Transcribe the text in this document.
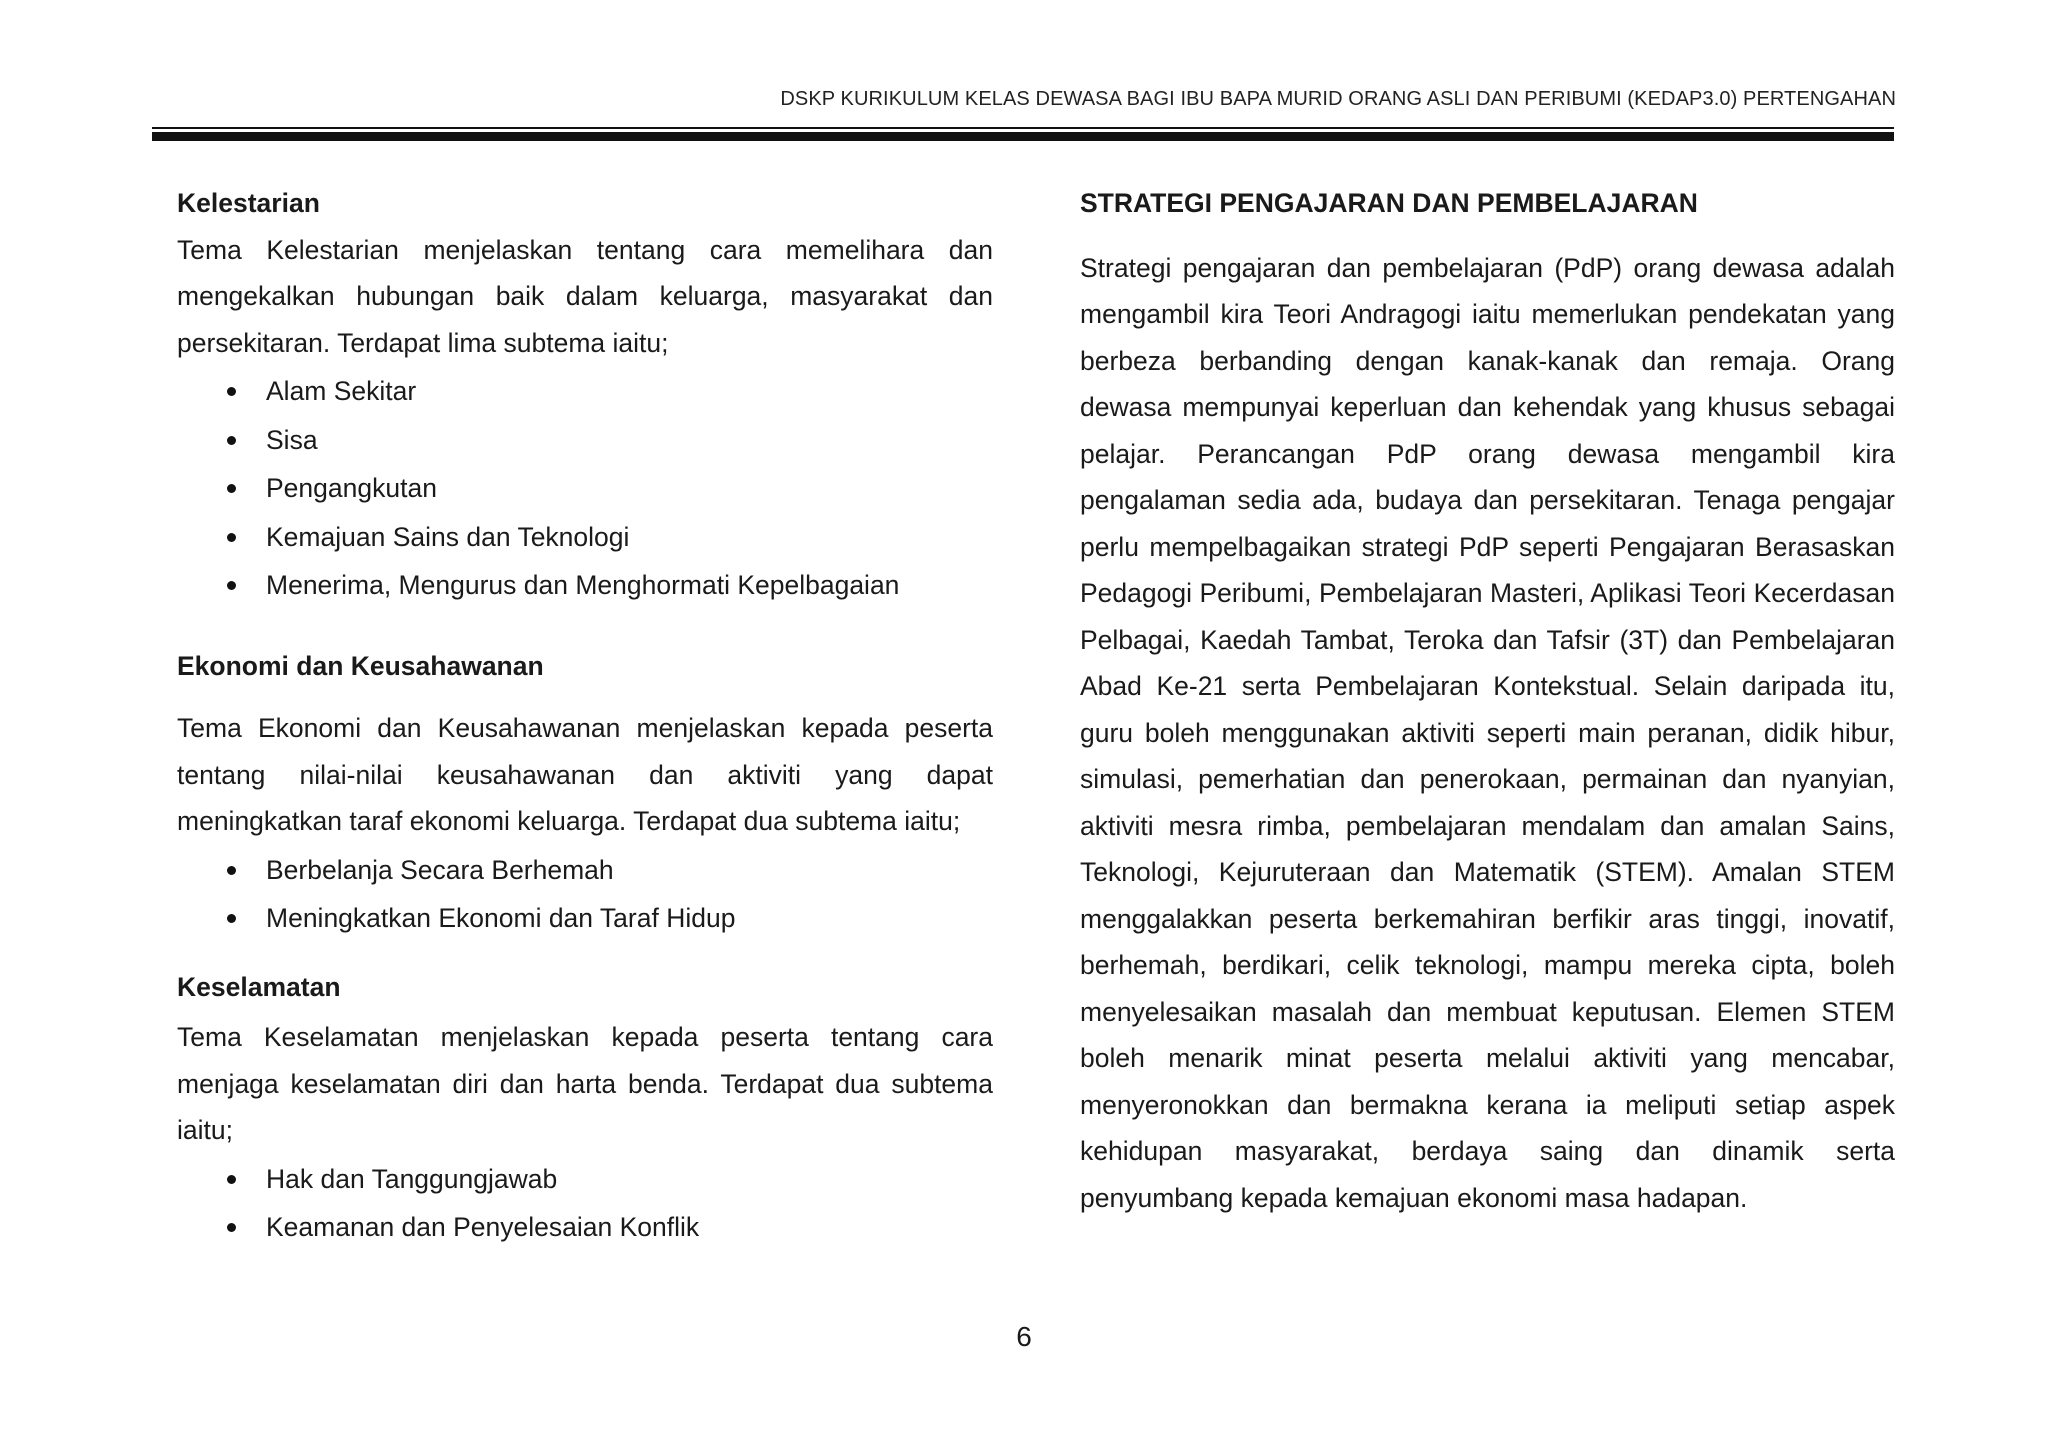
DSKP KURIKULUM KELAS DEWASA BAGI IBU BAPA MURID ORANG ASLI DAN PERIBUMI (KEDAP3.0) PERTENGAHAN

Kelestarian

Tema Kelestarian menjelaskan tentang cara memelihara dan mengekalkan hubungan baik dalam keluarga, masyarakat dan persekitaran. Terdapat lima subtema iaitu;

Alam Sekitar
Sisa
Pengangkutan
Kemajuan Sains dan Teknologi
Menerima, Mengurus dan Menghormati Kepelbagaian

Ekonomi dan Keusahawanan

Tema Ekonomi dan Keusahawanan menjelaskan kepada peserta tentang nilai-nilai keusahawanan dan aktiviti yang dapat meningkatkan taraf ekonomi keluarga. Terdapat dua subtema iaitu;

Berbelanja Secara Berhemah
Meningkatkan Ekonomi dan Taraf Hidup

Keselamatan

Tema Keselamatan menjelaskan kepada peserta tentang cara menjaga keselamatan diri dan harta benda. Terdapat dua subtema iaitu;

Hak dan Tanggungjawab
Keamanan dan Penyelesaian Konflik

STRATEGI PENGAJARAN DAN PEMBELAJARAN

Strategi pengajaran dan pembelajaran (PdP) orang dewasa adalah mengambil kira Teori Andragogi iaitu memerlukan pendekatan yang berbeza berbanding dengan kanak-kanak dan remaja. Orang dewasa mempunyai keperluan dan kehendak yang khusus sebagai pelajar. Perancangan PdP orang dewasa mengambil kira pengalaman sedia ada, budaya dan persekitaran. Tenaga pengajar perlu mempelbagaikan strategi PdP seperti Pengajaran Berasaskan Pedagogi Peribumi, Pembelajaran Masteri, Aplikasi Teori Kecerdasan Pelbagai, Kaedah Tambat, Teroka dan Tafsir (3T) dan Pembelajaran Abad Ke-21 serta Pembelajaran Kontekstual. Selain daripada itu, guru boleh menggunakan aktiviti seperti main peranan, didik hibur, simulasi, pemerhatian dan penerokaan, permainan dan nyanyian, aktiviti mesra rimba, pembelajaran mendalam dan amalan Sains, Teknologi, Kejuruteraan dan Matematik (STEM). Amalan STEM menggalakkan peserta berkemahiran berfikir aras tinggi, inovatif, berhemah, berdikari, celik teknologi, mampu mereka cipta, boleh menyelesaikan masalah dan membuat keputusan. Elemen STEM boleh menarik minat peserta melalui aktiviti yang mencabar, menyeronokkan dan bermakna kerana ia meliputi setiap aspek kehidupan masyarakat, berdaya saing dan dinamik serta penyumbang kepada kemajuan ekonomi masa hadapan.

6
